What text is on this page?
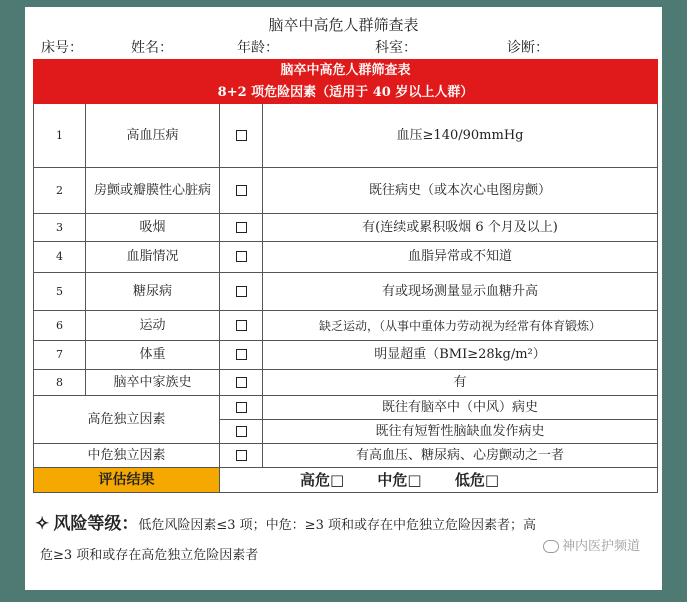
脑卒中高危人群筛查表
床号：	姓名：	年龄：	科室：	诊断：
脑卒中高危人群筛查表			
8+2 项危险因素（适用于 40 岁以上人群）			
1	高血压病		血压≥140/90mmHg
2	房颤或瓣膜性心脏病		既往病史（或本次心电图房颤）
3	吸烟		有(连续或累积吸烟 6 个月及以上)
4	血脂情况		血脂异常或不知道
5	糖尿病		有或现场测量显示血糖升高
6	运动		缺乏运动，（从事中重体力劳动视为经常有体育锻炼）
7	体重		明显超重（BMI≥28kg/m²）
8	脑卒中家族史		有
高危独立因素			既往有脑卒中（中风）病史
			既往有短暂性脑缺血发作病史
中危独立因素			有高血压、糖尿病、心房颤动之一者
评估结果		高危□ 中危□ 低危□	
✧ 风险等级：低危风险因素≤3 项；中危：≥3 项和或存在中危独立危险因素者；高
危≥3 项和或存在高危独立危险因素者
神内医护频道
